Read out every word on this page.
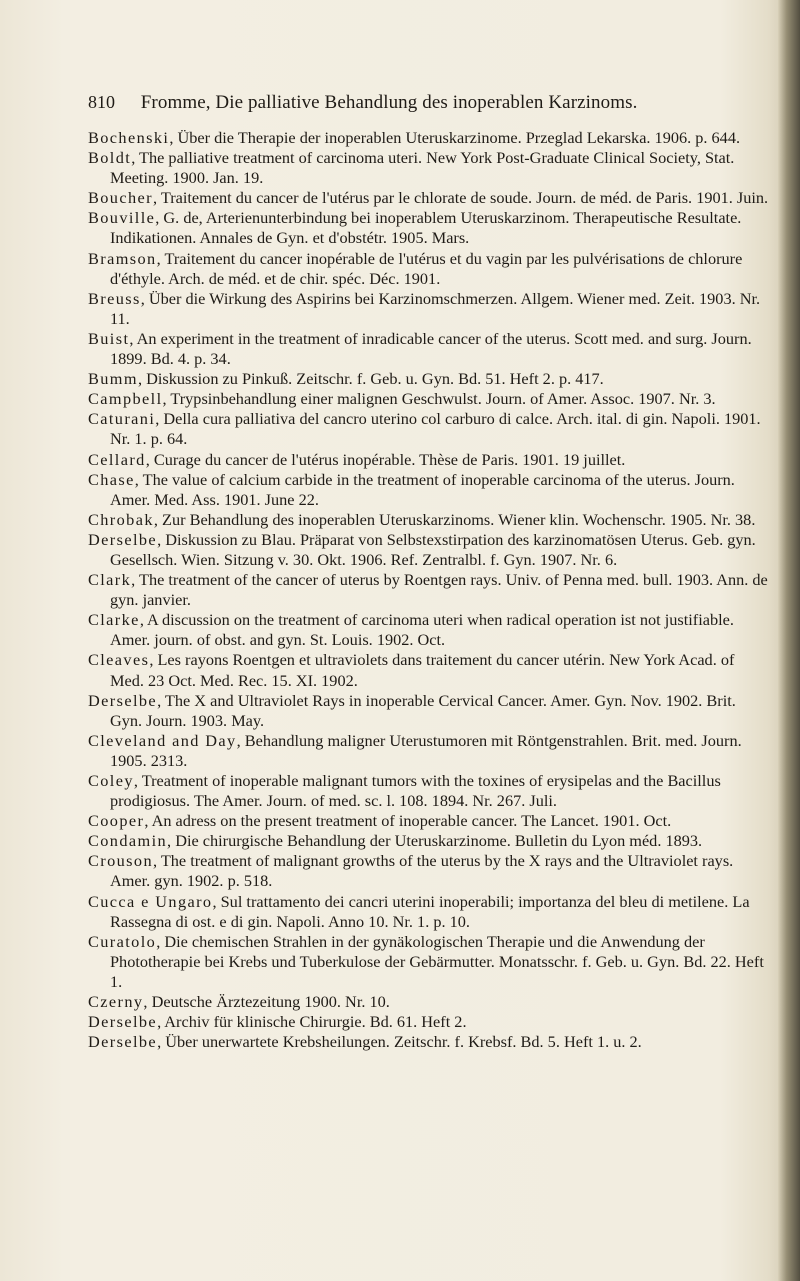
810 Fromme, Die palliative Behandlung des inoperablen Karzinoms.
Bochenski, Über die Therapie der inoperablen Uteruskarzinome. Przeglad Lekarska. 1906. p. 644.
Boldt, The palliative treatment of carcinoma uteri. New York Post-Graduate Clinical Society, Stat. Meeting. 1900. Jan. 19.
Boucher, Traitement du cancer de l'utérus par le chlorate de soude. Journ. de méd. de Paris. 1901. Juin.
Bouville, G. de, Arterienunterbindung bei inoperablem Uteruskarzinom. Therapeutische Resultate. Indikationen. Annales de Gyn. et d'obstétr. 1905. Mars.
Bramson, Traitement du cancer inopérable de l'utérus et du vagin par les pulvérisations de chlorure d'éthyle. Arch. de méd. et de chir. spéc. Déc. 1901.
Breuss, Über die Wirkung des Aspirins bei Karzinomschmerzen. Allgem. Wiener med. Zeit. 1903. Nr. 11.
Buist, An experiment in the treatment of inradicable cancer of the uterus. Scott med. and surg. Journ. 1899. Bd. 4. p. 34.
Bumm, Diskussion zu Pinkuß. Zeitschr. f. Geb. u. Gyn. Bd. 51. Heft 2. p. 417.
Campbell, Trypsinbehandlung einer malignen Geschwulst. Journ. of Amer. Assoc. 1907. Nr. 3.
Caturani, Della cura palliativa del cancro uterino col carburo di calce. Arch. ital. di gin. Napoli. 1901. Nr. 1. p. 64.
Cellard, Curage du cancer de l'utérus inopérable. Thèse de Paris. 1901. 19 juillet.
Chase, The value of calcium carbide in the treatment of inoperable carcinoma of the uterus. Journ. Amer. Med. Ass. 1901. June 22.
Chrobak, Zur Behandlung des inoperablen Uteruskarzinoms. Wiener klin. Wochenschr. 1905. Nr. 38.
Derselbe, Diskussion zu Blau. Präparat von Selbstexstirpation des karzinomatösen Uterus. Geb. gyn. Gesellsch. Wien. Sitzung v. 30. Okt. 1906. Ref. Zentralbl. f. Gyn. 1907. Nr. 6.
Clark, The treatment of the cancer of uterus by Roentgen rays. Univ. of Penna med. bull. 1903. Ann. de gyn. janvier.
Clarke, A discussion on the treatment of carcinoma uteri when radical operation ist not justifiable. Amer. journ. of obst. and gyn. St. Louis. 1902. Oct.
Cleaves, Les rayons Roentgen et ultraviolets dans traitement du cancer utérin. New York Acad. of Med. 23 Oct. Med. Rec. 15. XI. 1902.
Derselbe, The X and Ultraviolet Rays in inoperable Cervical Cancer. Amer. Gyn. Nov. 1902. Brit. Gyn. Journ. 1903. May.
Cleveland and Day, Behandlung maligner Uterustumoren mit Röntgenstrahlen. Brit. med. Journ. 1905. 2313.
Coley, Treatment of inoperable malignant tumors with the toxines of erysipelas and the Bacillus prodigiosus. The Amer. Journ. of med. sc. l. 108. 1894. Nr. 267. Juli.
Cooper, An adress on the present treatment of inoperable cancer. The Lancet. 1901. Oct.
Condamin, Die chirurgische Behandlung der Uteruskarzinome. Bulletin du Lyon méd. 1893.
Crouson, The treatment of malignant growths of the uterus by the X rays and the Ultraviolet rays. Amer. gyn. 1902. p. 518.
Cucca e Ungaro, Sul trattamento dei cancri uterini inoperabili; importanza del bleu di metilene. La Rassegna di ost. e di gin. Napoli. Anno 10. Nr. 1. p. 10.
Curatolo, Die chemischen Strahlen in der gynäkologischen Therapie und die Anwendung der Phototherapie bei Krebs und Tuberkulose der Gebärmutter. Monatsschr. f. Geb. u. Gyn. Bd. 22. Heft 1.
Czerny, Deutsche Ärztezeitung 1900. Nr. 10.
Derselbe, Archiv für klinische Chirurgie. Bd. 61. Heft 2.
Derselbe, Über unerwartete Krebsheilungen. Zeitschr. f. Krebsf. Bd. 5. Heft 1. u. 2.
